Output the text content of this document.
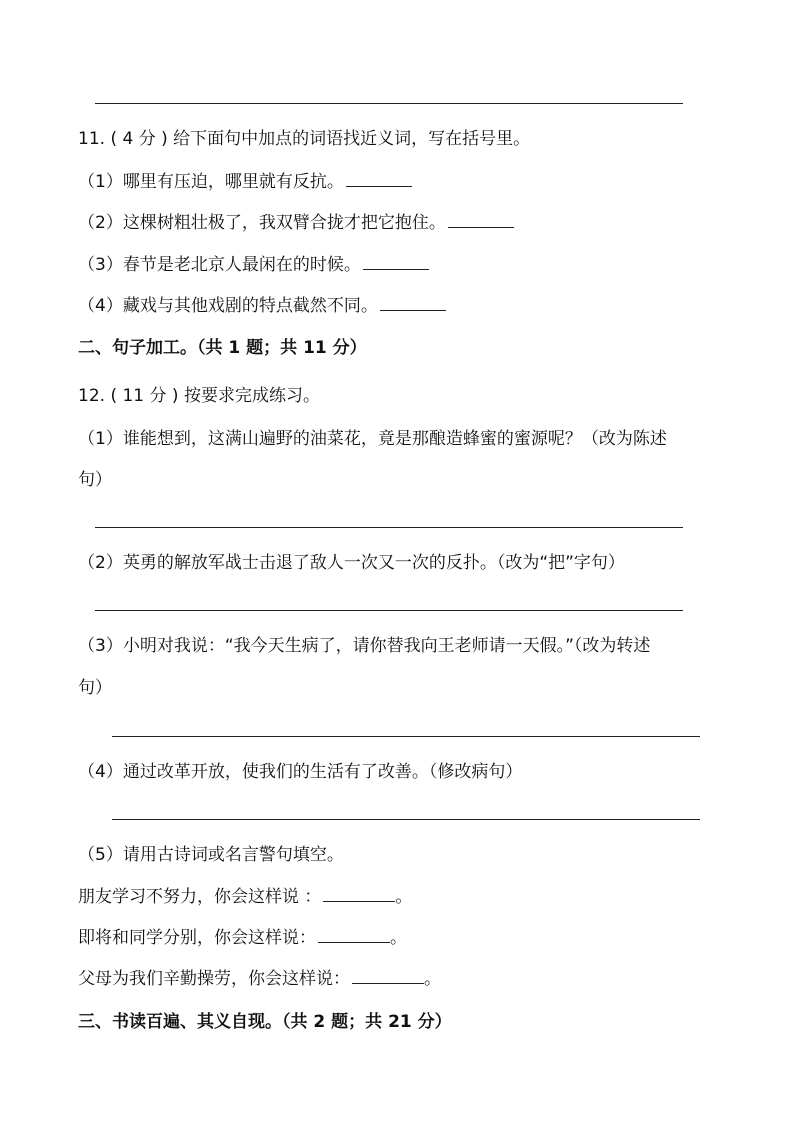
11. ( 4 分 ) 给下面句中加点的词语找近义词，写在括号里。
（1）哪里有压迫，哪里就有反抗。
（2）这棵树粗壮极了，我双臂合拢才把它抱住。
（3）春节是老北京人最闲在的时候。
（4）藏戏与其他戏剧的特点截然不同。
二、句子加工。（共 1 题；共 11 分）
12. ( 11 分 ) 按要求完成练习。
（1）谁能想到，这满山遍野的油菜花，竟是那酿造蜂蜜的蜜源呢？（改为陈述
句）
（2）英勇的解放军战士击退了敌人一次又一次的反扑。（改为“把”字句）
（3）小明对我说：“我今天生病了，请你替我向王老师请一天假。”（改为转述
句）
（4）通过改革开放，使我们的生活有了改善。（修改病句）
（5）请用古诗词或名言警句填空。
朋友学习不努力，你会这样说 ：	。
即将和同学分别，你会这样说：	。
父母为我们辛勤操劳，你会这样说：	。
三、书读百遍、其义自现。（共 2 题；共 21 分）
